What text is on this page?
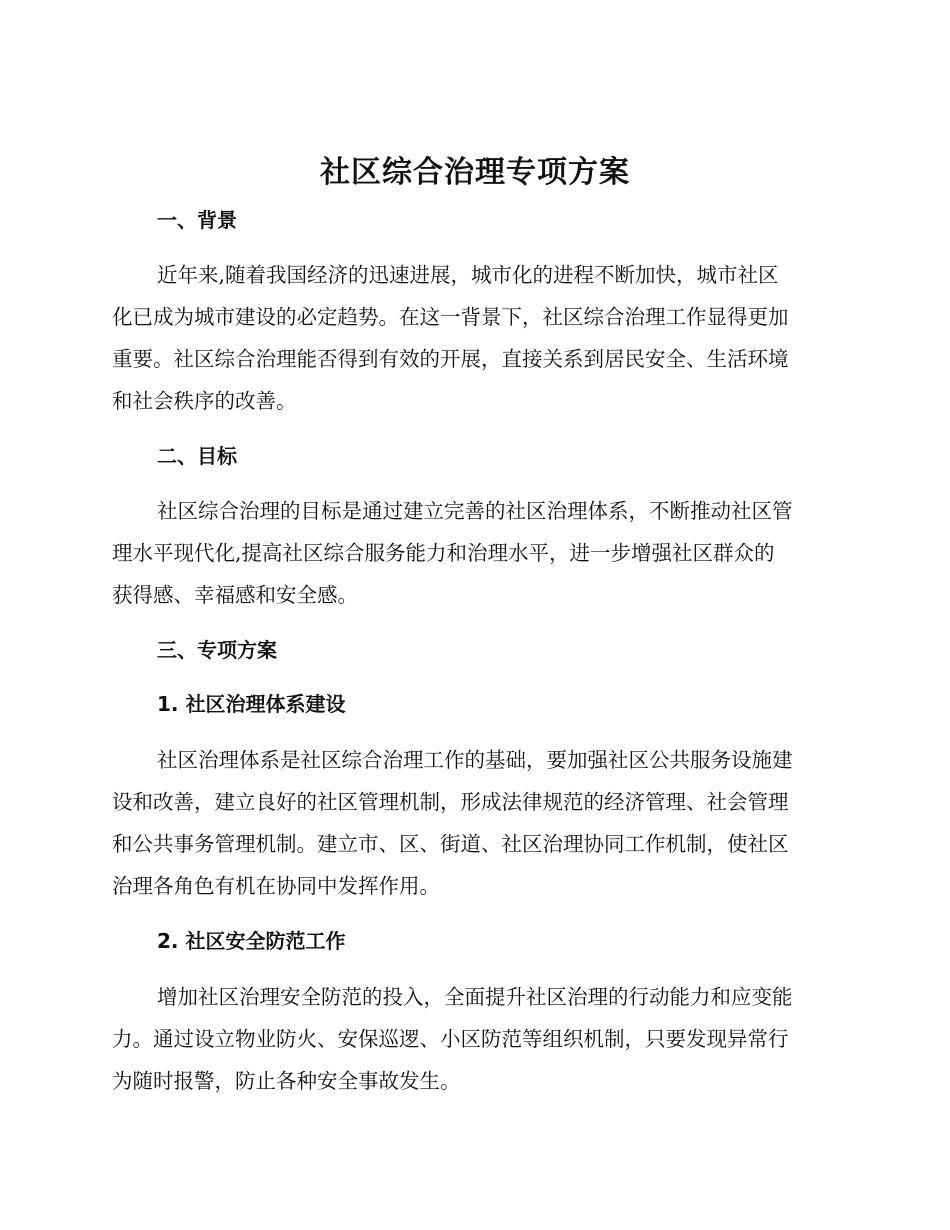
社区综合治理专项方案
一、背景
近年来,随着我国经济的迅速进展，城市化的进程不断加快，城市社区
化已成为城市建设的必定趋势。在这一背景下，社区综合治理工作显得更加
重要。社区综合治理能否得到有效的开展，直接关系到居民安全、生活环境
和社会秩序的改善。
二、目标
社区综合治理的目标是通过建立完善的社区治理体系，不断推动社区管
理水平现代化,提高社区综合服务能力和治理水平，进一步增强社区群众的
获得感、幸福感和安全感。
三、专项方案
1. 社区治理体系建设
社区治理体系是社区综合治理工作的基础，要加强社区公共服务设施建
设和改善，建立良好的社区管理机制，形成法律规范的经济管理、社会管理
和公共事务管理机制。建立市、区、街道、社区治理协同工作机制，使社区
治理各角色有机在协同中发挥作用。
2. 社区安全防范工作
增加社区治理安全防范的投入，全面提升社区治理的行动能力和应变能
力。通过设立物业防火、安保巡逻、小区防范等组织机制，只要发现异常行
为随时报警，防止各种安全事故发生。
